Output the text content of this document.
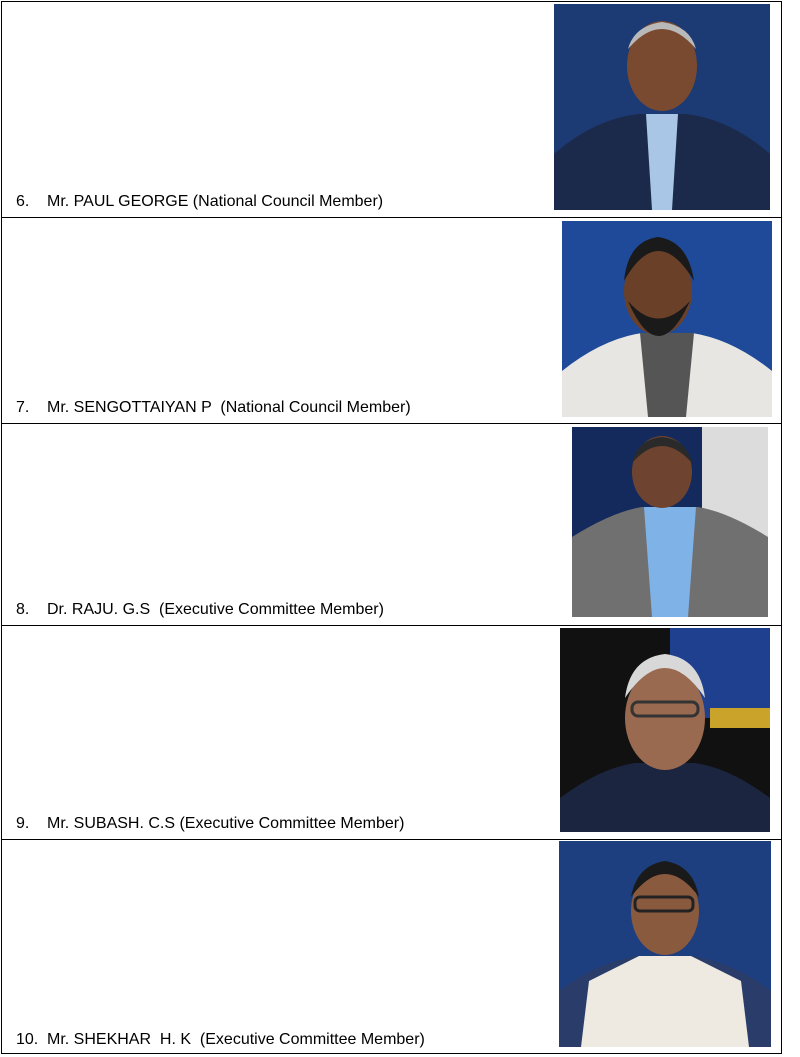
6. Mr. PAUL GEORGE (National Council Member)
7. Mr. SENGOTTAIYAN P  (National Council Member)
8. Dr. RAJU. G.S  (Executive Committee Member)
9. Mr. SUBASH. C.S (Executive Committee Member)
10. Mr. SHEKHAR  H. K  (Executive Committee Member)
